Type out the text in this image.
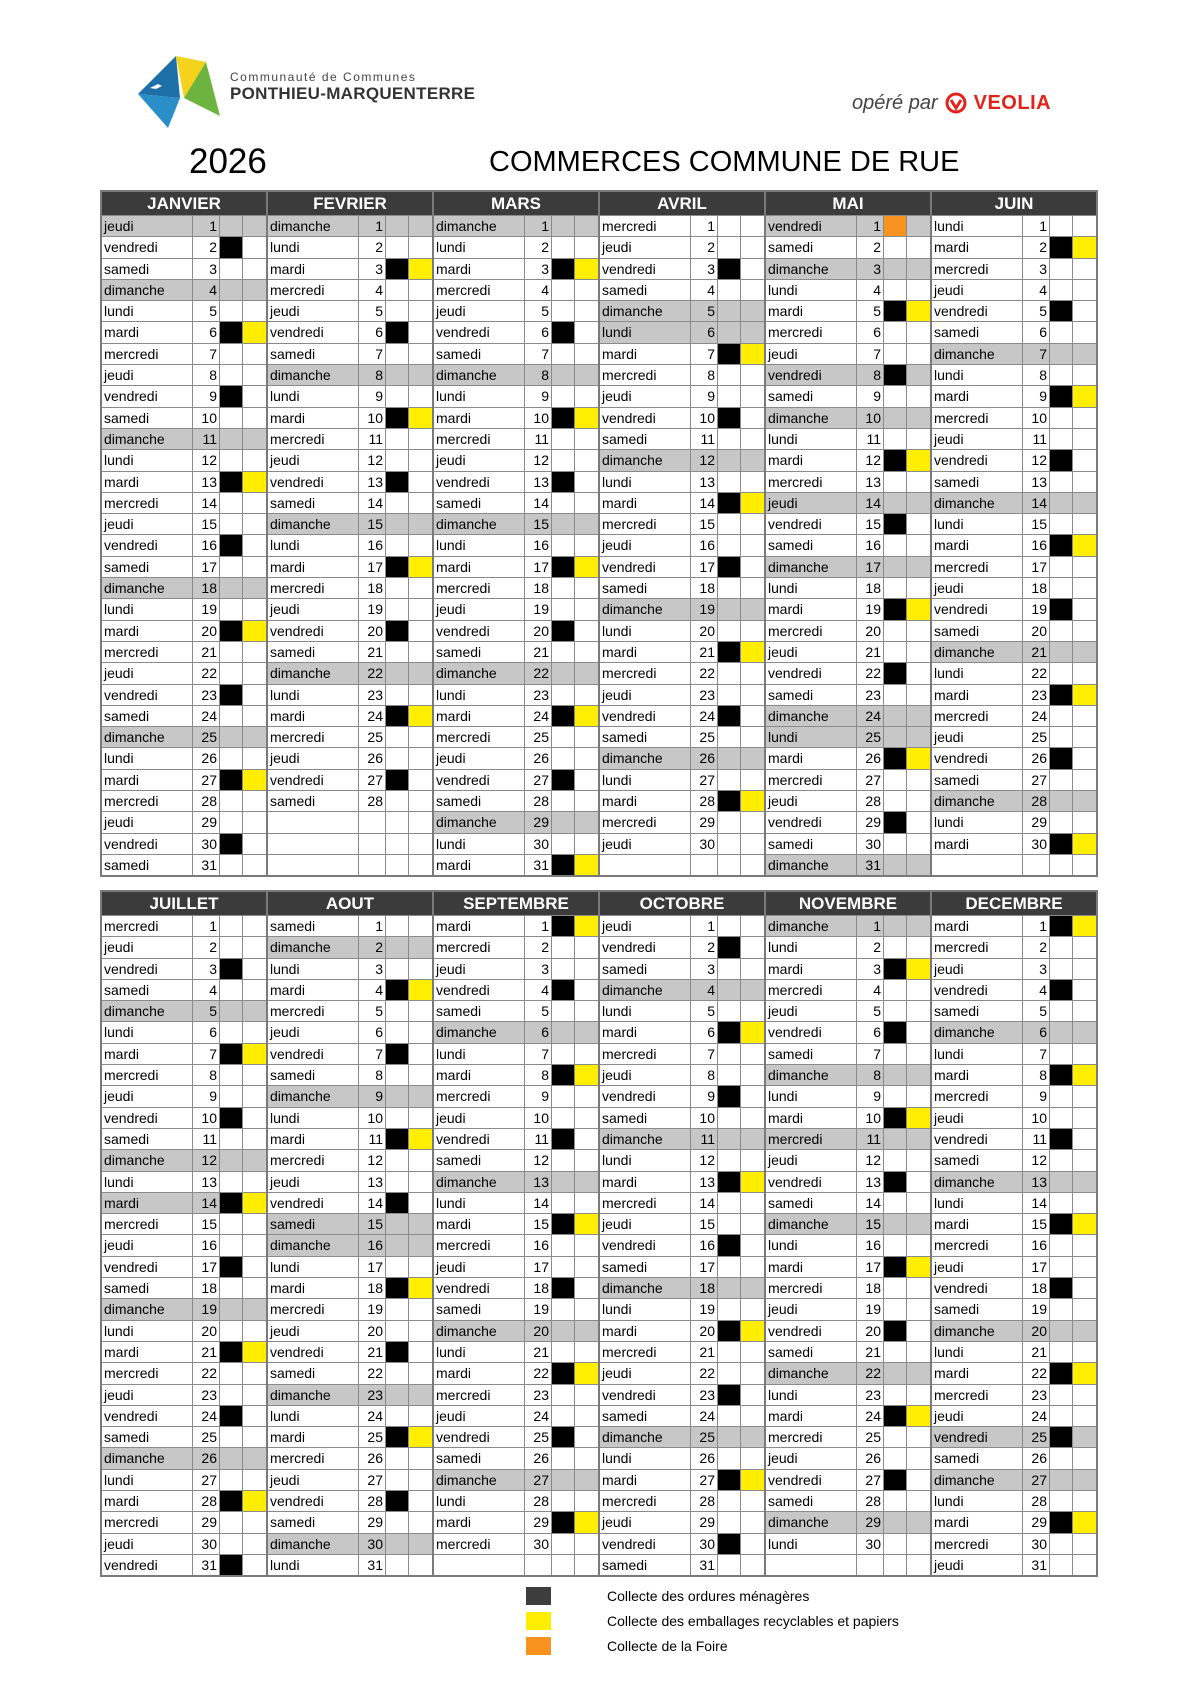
Communauté de Communes
PONTHIEU-MARQUENTERRE	opéré par VEOLIA
2026	COMMERCES COMMUNE DE RUE
JANVIER
jeudi	1
vendredi	2
samedi	3
dimanche	4
lundi	5
mardi	6
mercredi	7
jeudi	8
vendredi	9
samedi	10
dimanche	11
lundi	12
mardi	13
mercredi	14
jeudi	15
vendredi	16
samedi	17
dimanche	18
lundi	19
mardi	20
mercredi	21
jeudi	22
vendredi	23
samedi	24
dimanche	25
lundi	26
mardi	27
mercredi	28
jeudi	29
vendredi	30
samedi	31
FEVRIER
dimanche	1
lundi	2
mardi	3
mercredi	4
jeudi	5
vendredi	6
samedi	7
dimanche	8
lundi	9
mardi	10
mercredi	11
jeudi	12
vendredi	13
samedi	14
dimanche	15
lundi	16
mardi	17
mercredi	18
jeudi	19
vendredi	20
samedi	21
dimanche	22
lundi	23
mardi	24
mercredi	25
jeudi	26
vendredi	27
samedi	28
MARS
dimanche	1
lundi	2
mardi	3
mercredi	4
jeudi	5
vendredi	6
samedi	7
dimanche	8
lundi	9
mardi	10
mercredi	11
jeudi	12
vendredi	13
samedi	14
dimanche	15
lundi	16
mardi	17
mercredi	18
jeudi	19
vendredi	20
samedi	21
dimanche	22
lundi	23
mardi	24
mercredi	25
jeudi	26
vendredi	27
samedi	28
dimanche	29
lundi	30
mardi	31
AVRIL
mercredi	1
jeudi	2
vendredi	3
samedi	4
dimanche	5
lundi	6
mardi	7
mercredi	8
jeudi	9
vendredi	10
samedi	11
dimanche	12
lundi	13
mardi	14
mercredi	15
jeudi	16
vendredi	17
samedi	18
dimanche	19
lundi	20
mardi	21
mercredi	22
jeudi	23
vendredi	24
samedi	25
dimanche	26
lundi	27
mardi	28
mercredi	29
jeudi	30
MAI
vendredi	1
samedi	2
dimanche	3
lundi	4
mardi	5
mercredi	6
jeudi	7
vendredi	8
samedi	9
dimanche	10
lundi	11
mardi	12
mercredi	13
jeudi	14
vendredi	15
samedi	16
dimanche	17
lundi	18
mardi	19
mercredi	20
jeudi	21
vendredi	22
samedi	23
dimanche	24
lundi	25
mardi	26
mercredi	27
jeudi	28
vendredi	29
samedi	30
dimanche	31
JUIN
lundi	1
mardi	2
mercredi	3
jeudi	4
vendredi	5
samedi	6
dimanche	7
lundi	8
mardi	9
mercredi	10
jeudi	11
vendredi	12
samedi	13
dimanche	14
lundi	15
mardi	16
mercredi	17
jeudi	18
vendredi	19
samedi	20
dimanche	21
lundi	22
mardi	23
mercredi	24
jeudi	25
vendredi	26
samedi	27
dimanche	28
lundi	29
mardi	30
JUILLET
mercredi	1
jeudi	2
vendredi	3
samedi	4
dimanche	5
lundi	6
mardi	7
mercredi	8
jeudi	9
vendredi	10
samedi	11
dimanche	12
lundi	13
mardi	14
mercredi	15
jeudi	16
vendredi	17
samedi	18
dimanche	19
lundi	20
mardi	21
mercredi	22
jeudi	23
vendredi	24
samedi	25
dimanche	26
lundi	27
mardi	28
mercredi	29
jeudi	30
vendredi	31
AOUT
samedi	1
dimanche	2
lundi	3
mardi	4
mercredi	5
jeudi	6
vendredi	7
samedi	8
dimanche	9
lundi	10
mardi	11
mercredi	12
jeudi	13
vendredi	14
samedi	15
dimanche	16
lundi	17
mardi	18
mercredi	19
jeudi	20
vendredi	21
samedi	22
dimanche	23
lundi	24
mardi	25
mercredi	26
jeudi	27
vendredi	28
samedi	29
dimanche	30
lundi	31
SEPTEMBRE
mardi	1
mercredi	2
jeudi	3
vendredi	4
samedi	5
dimanche	6
lundi	7
mardi	8
mercredi	9
jeudi	10
vendredi	11
samedi	12
dimanche	13
lundi	14
mardi	15
mercredi	16
jeudi	17
vendredi	18
samedi	19
dimanche	20
lundi	21
mardi	22
mercredi	23
jeudi	24
vendredi	25
samedi	26
dimanche	27
lundi	28
mardi	29
mercredi	30
OCTOBRE
jeudi	1
vendredi	2
samedi	3
dimanche	4
lundi	5
mardi	6
mercredi	7
jeudi	8
vendredi	9
samedi	10
dimanche	11
lundi	12
mardi	13
mercredi	14
jeudi	15
vendredi	16
samedi	17
dimanche	18
lundi	19
mardi	20
mercredi	21
jeudi	22
vendredi	23
samedi	24
dimanche	25
lundi	26
mardi	27
mercredi	28
jeudi	29
vendredi	30
samedi	31
NOVEMBRE
dimanche	1
lundi	2
mardi	3
mercredi	4
jeudi	5
vendredi	6
samedi	7
dimanche	8
lundi	9
mardi	10
mercredi	11
jeudi	12
vendredi	13
samedi	14
dimanche	15
lundi	16
mardi	17
mercredi	18
jeudi	19
vendredi	20
samedi	21
dimanche	22
lundi	23
mardi	24
mercredi	25
jeudi	26
vendredi	27
samedi	28
dimanche	29
lundi	30
DECEMBRE
mardi	1
mercredi	2
jeudi	3
vendredi	4
samedi	5
dimanche	6
lundi	7
mardi	8
mercredi	9
jeudi	10
vendredi	11
samedi	12
dimanche	13
lundi	14
mardi	15
mercredi	16
jeudi	17
vendredi	18
samedi	19
dimanche	20
lundi	21
mardi	22
mercredi	23
jeudi	24
vendredi	25
samedi	26
dimanche	27
lundi	28
mardi	29
mercredi	30
jeudi	31
Collecte des ordures ménagères
Collecte des emballages recyclables et papiers
Collecte de la Foire
